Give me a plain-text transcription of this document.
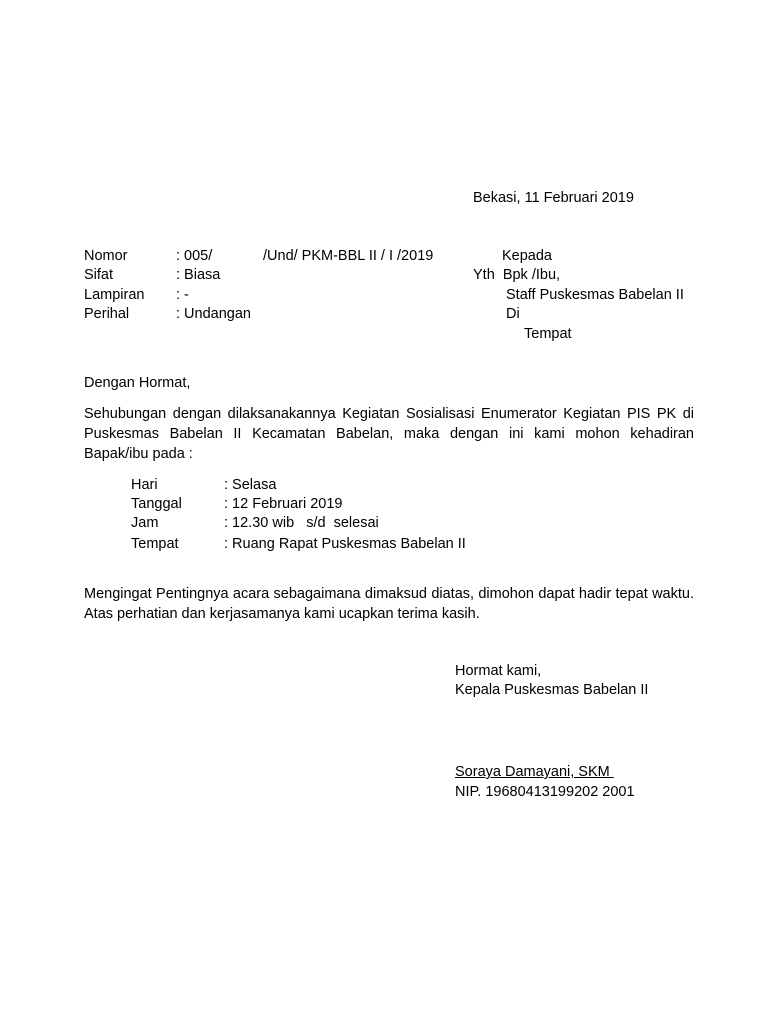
Bekasi, 11 Februari 2019
Nomor	: 005/	/Und/ PKM-BBL II / I /2019
Sifat	: Biasa
Lampiran : -
Perihal	: Undangan
Kepada
Yth  Bpk /Ibu,
Staff Puskesmas Babelan II
Di
Tempat
Dengan Hormat,
Sehubungan dengan dilaksanakannya Kegiatan Sosialisasi Enumerator Kegiatan PIS PK di Puskesmas Babelan II Kecamatan Babelan, maka dengan ini kami mohon kehadiran Bapak/ibu pada :
Hari	: Selasa
Tanggal	: 12 Februari 2019
Jam	: 12.30 wib   s/d  selesai
Tempat	: Ruang Rapat Puskesmas Babelan II
Mengingat Pentingnya acara sebagaimana dimaksud diatas, dimohon dapat hadir tepat waktu. Atas perhatian dan kerjasamanya kami ucapkan terima kasih.
Hormat kami,
Kepala Puskesmas Babelan II
Soraya Damayani, SKM
NIP. 19680413199202 2001
